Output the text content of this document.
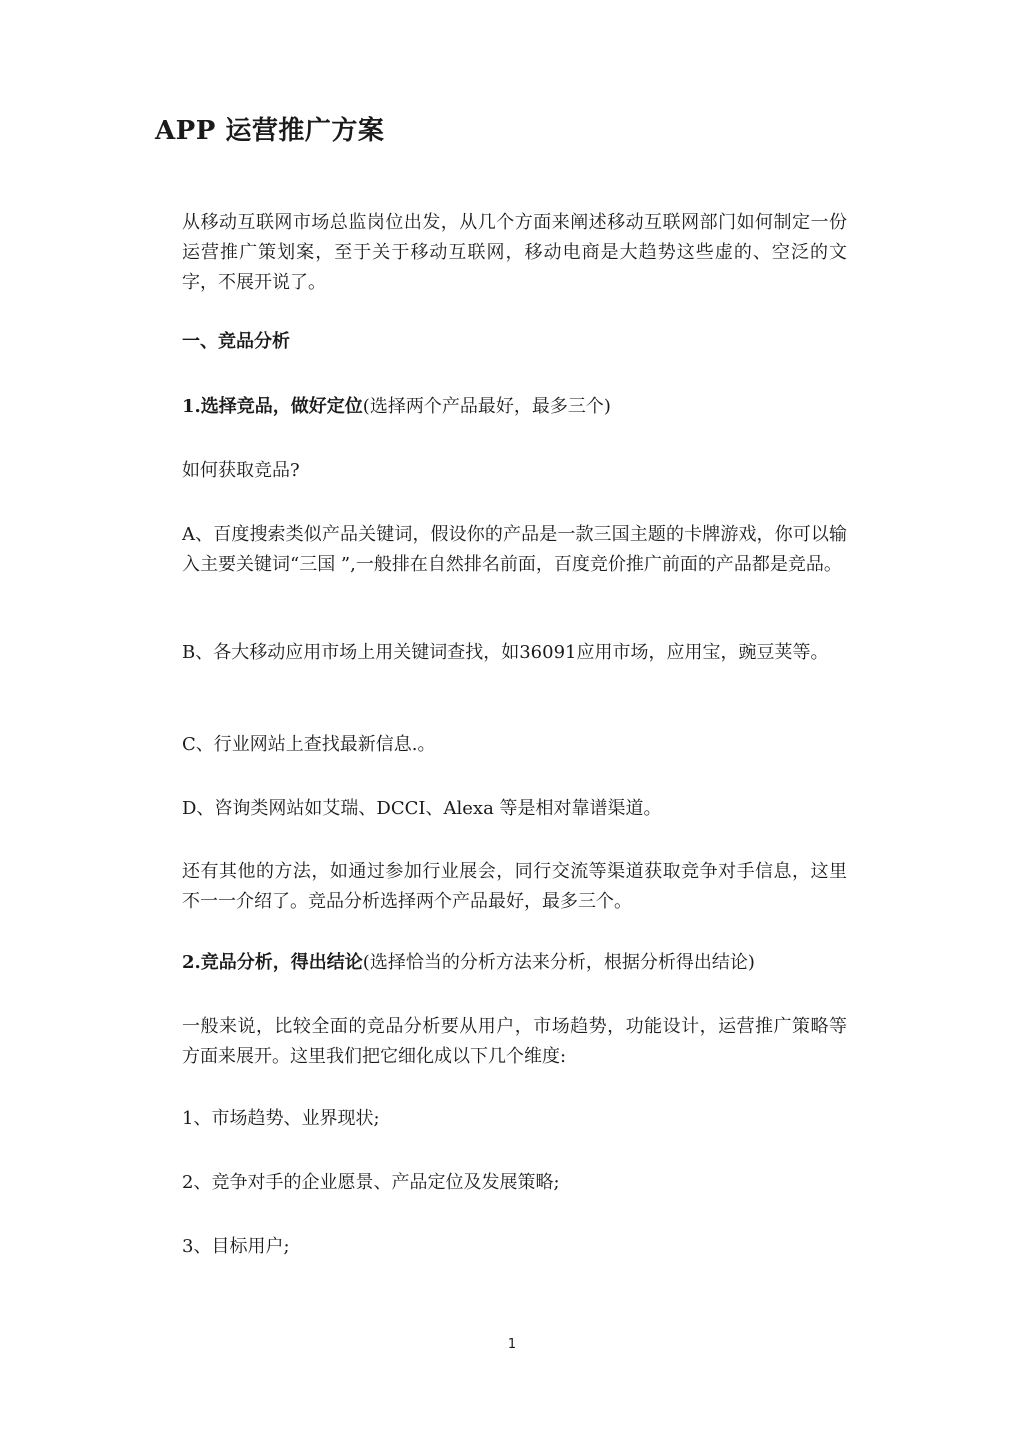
APP 运营推广方案

从移动互联网市场总监岗位出发，从几个方面来阐述移动互联网部门如何制定一份运营推广策划案，至于关于移动互联网，移动电商是大趋势这些虚的、空泛的文字，不展开说了。

一、竞品分析

1.选择竞品，做好定位(选择两个产品最好，最多三个)

如何获取竞品?

A、百度搜索类似产品关键词，假设你的产品是一款三国主题的卡牌游戏，你可以输入主要关键词“三国 ”,一般排在自然排名前面，百度竞价推广前面的产品都是竞品。

B、各大移动应用市场上用关键词查找，如36091应用市场，应用宝，豌豆荚等。

C、行业网站上查找最新信息.。

D、咨询类网站如艾瑞、DCCI、Alexa 等是相对靠谱渠道。

还有其他的方法，如通过参加行业展会，同行交流等渠道获取竞争对手信息，这里不一一介绍了。竞品分析选择两个产品最好，最多三个。

2.竞品分析，得出结论(选择恰当的分析方法来分析，根据分析得出结论)

一般来说，比较全面的竞品分析要从用户，市场趋势，功能设计，运营推广策略等方面来展开。这里我们把它细化成以下几个维度:

1、市场趋势、业界现状;

2、竞争对手的企业愿景、产品定位及发展策略;

3、目标用户;

1
